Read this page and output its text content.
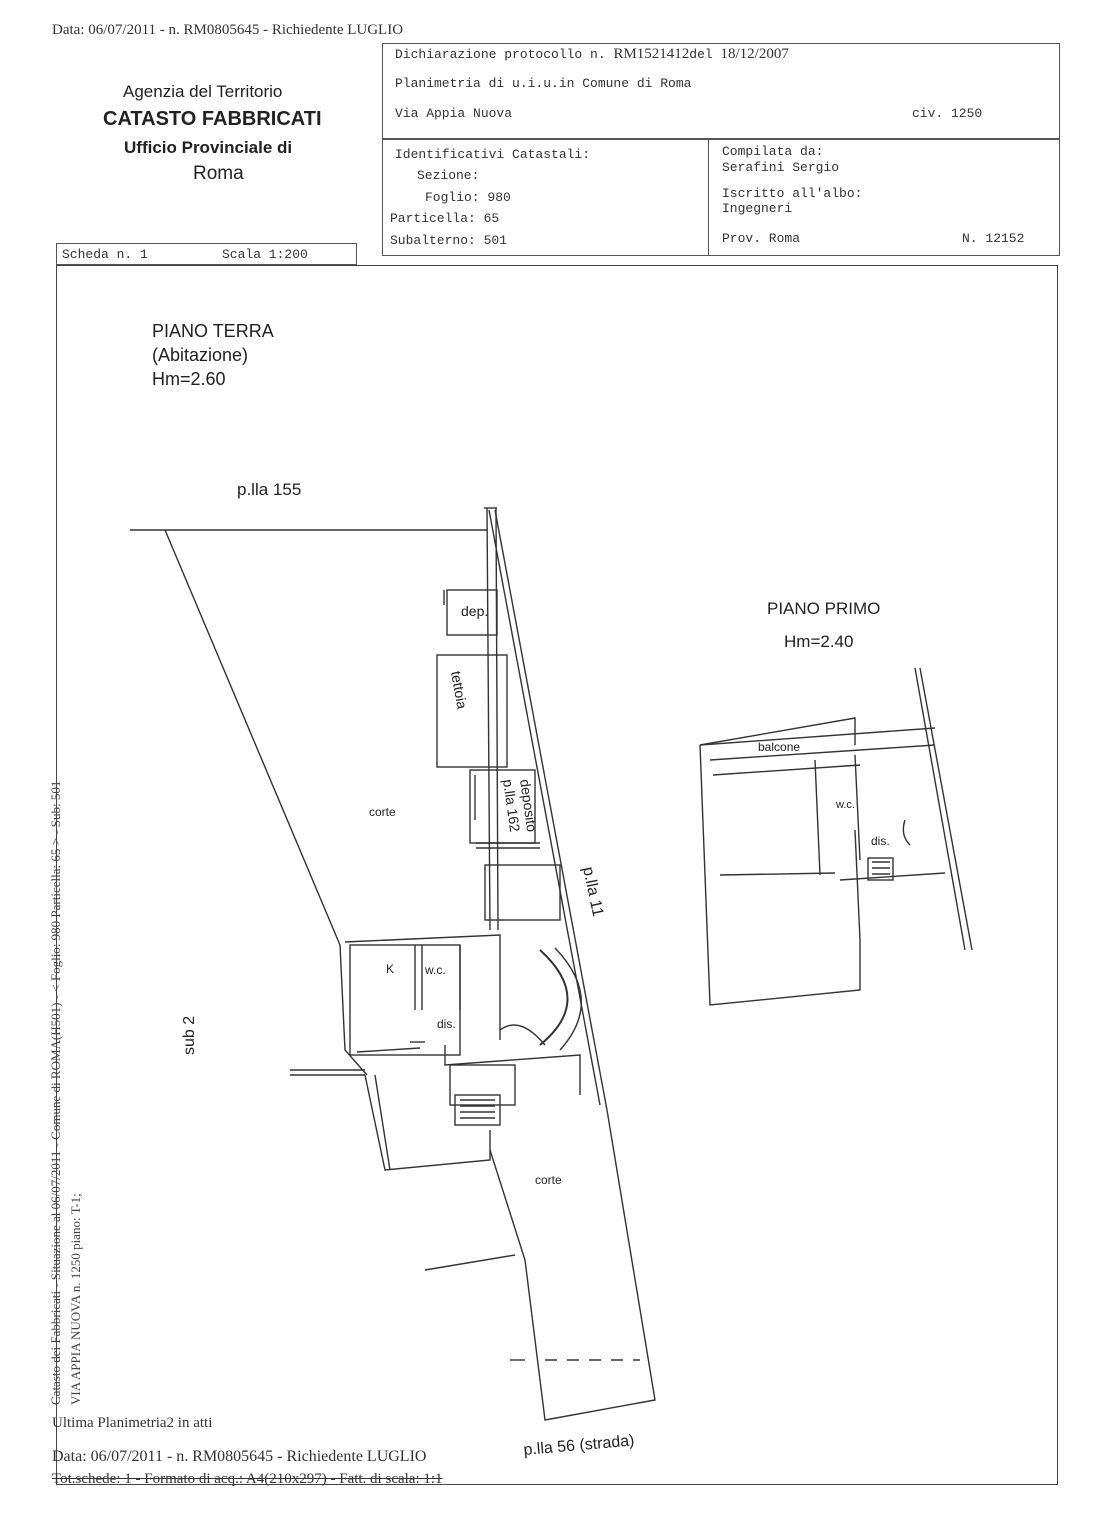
Data: 06/07/2011 - n. RM0805645 - Richiedente LUGLIO
Agenzia del Territorio
CATASTO FABBRICATI
Ufficio Provinciale di
Roma
Dichiarazione protocollo n. RM1521412del 18/12/2007
Planimetria di u.i.u.in Comune di Roma
Via Appia Nuova	civ. 1250
Identificativi Catastali:
Sezione:
Foglio: 980
Particella: 65
Subalterno: 501
Compilata da:
Serafini Sergio
Iscritto all'albo:
Ingegneri
Prov. Roma	N. 12152
Scheda n. 1	Scala 1:200
PIANO TERRA
(Abitazione)
Hm=2.60
PIANO PRIMO
Hm=2.40
p.lla 155
dep.
tettoia
deposito
p.lla 162
corte
p.lla 11
sub 2
K	w.c.
dis.
corte
p.lla 56 (strada)
balcone
w.c.
dis.
Catasto dei Fabbricati - Situazione al 06/07/2011 - Comune di ROMA(H501) - < Foglio: 980 Particella: 65 > - Sub: 501 VIA APPIA NUOVA n. 1250 piano: T-1;
Ultima Planimetria2 in atti
Data: 06/07/2011 - n. RM0805645 - Richiedente LUGLIO
Tot.schede: 1 - Formato di acq.: A4(210x297) - Fatt. di scala: 1:1
